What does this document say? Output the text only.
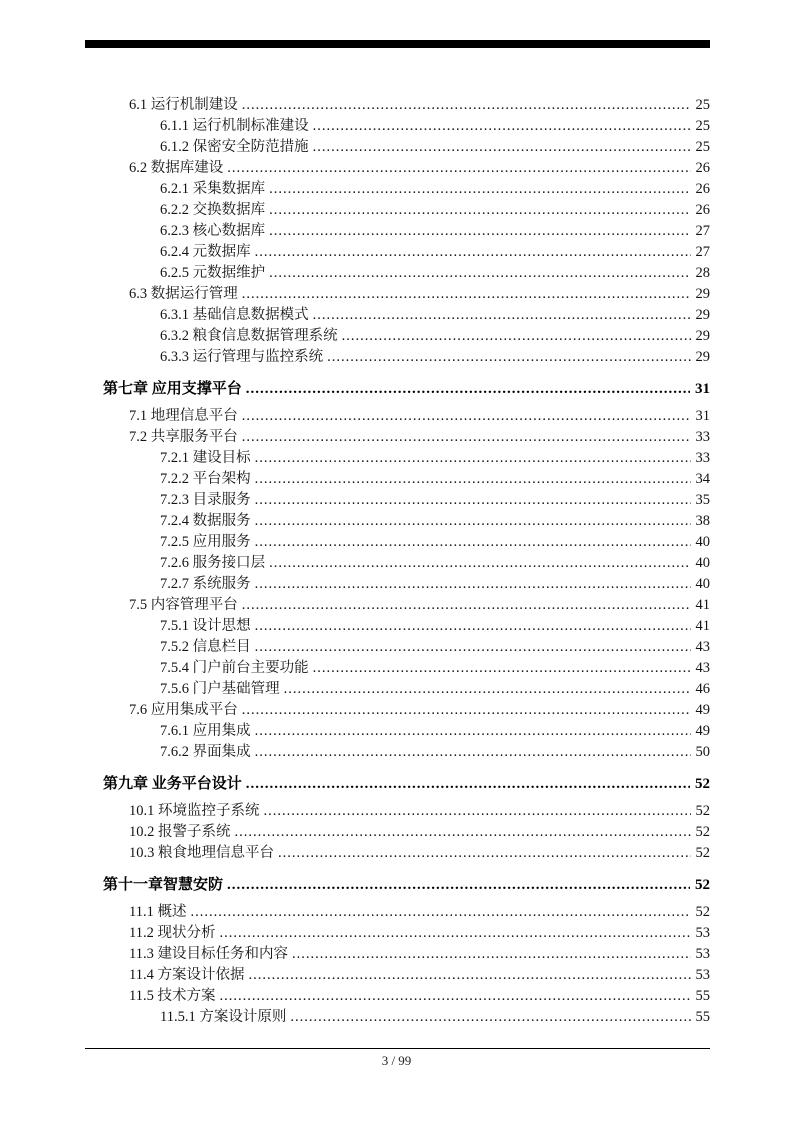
6.1 运行机制建设 .....	25
6.1.1 运行机制标准建设 .....	25
6.1.2 保密安全防范措施 .....	25
6.2 数据库建设 .....	26
6.2.1 采集数据库 .....	26
6.2.2 交换数据库 .....	26
6.2.3 核心数据库 .....	27
6.2.4 元数据库 .....	27
6.2.5 元数据维护 .....	28
6.3 数据运行管理 .....	29
6.3.1 基础信息数据模式 .....	29
6.3.2 粮食信息数据管理系统 .....	29
6.3.3 运行管理与监控系统 .....	29
第七章 应用支撑平台 .....	31
7.1 地理信息平台 .....	31
7.2 共享服务平台 .....	33
7.2.1 建设目标 .....	33
7.2.2 平台架构 .....	34
7.2.3 目录服务 .....	35
7.2.4 数据服务 .....	38
7.2.5 应用服务 .....	40
7.2.6 服务接口层 .....	40
7.2.7 系统服务 .....	40
7.5 内容管理平台 .....	41
7.5.1 设计思想 .....	41
7.5.2 信息栏目 .....	43
7.5.4 门户前台主要功能 .....	43
7.5.6 门户基础管理 .....	46
7.6 应用集成平台 .....	49
7.6.1 应用集成 .....	49
7.6.2 界面集成 .....	50
第九章 业务平台设计 .....	52
10.1 环境监控子系统 .....	52
10.2 报警子系统 .....	52
10.3 粮食地理信息平台 .....	52
第十一章智慧安防 .....	52
11.1 概述 .....	52
11.2 现状分析 .....	53
11.3 建设目标任务和内容 .....	53
11.4 方案设计依据 .....	53
11.5 技术方案 .....	55
11.5.1 方案设计原则 .....	55
3 / 99
